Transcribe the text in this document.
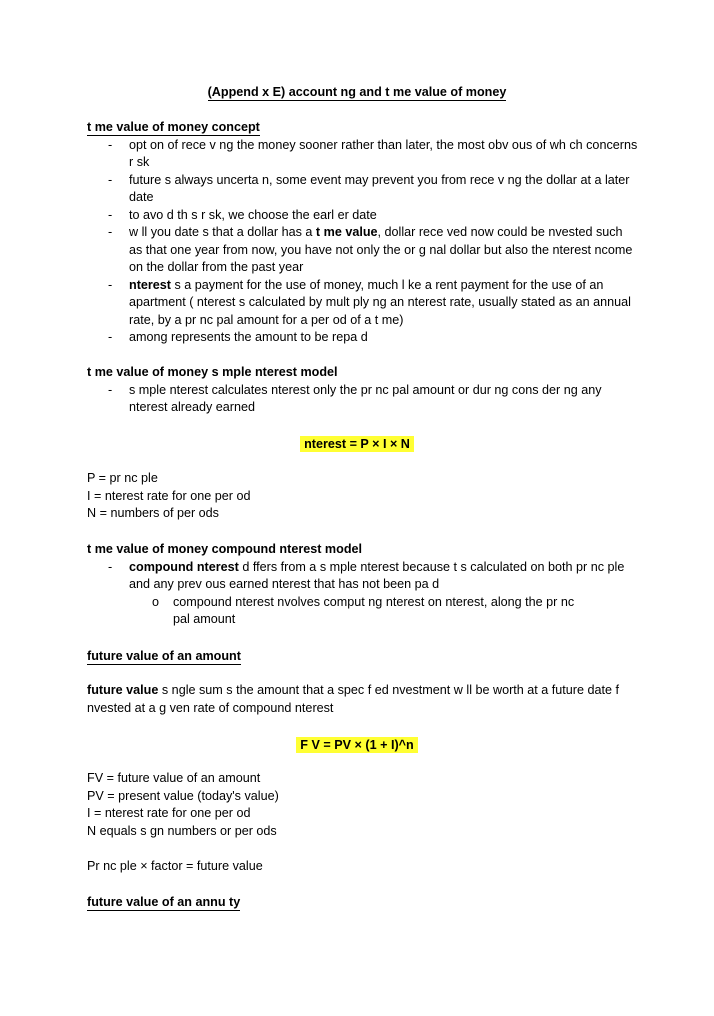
(Append x E) account ng and t me value of money
t me value of money concept
- opt on of rece v ng the money sooner rather than later, the most obv ous of wh ch concerns r sk
- future s always uncerta n, some event may prevent you from rece v ng the dollar at a later date
- to avo d th s r sk, we choose the earl er date
- w ll you date s that a dollar has a t me value, dollar rece ved now could be nvested such as that one year from now, you have not only the or g nal dollar but also the nterest ncome on the dollar from the past year
- nterest s a payment for the use of money, much l ke a rent payment for the use of an apartment ( nterest s calculated by mult ply ng an nterest rate, usually stated as an annual rate, by a pr nc pal amount for a per od of a t me)
- among represents the amount to be repa d
t me value of money s mple nterest model
- s mple nterest calculates nterest only the pr nc pal amount or dur ng cons der ng any nterest already earned
nterest = P × I × N
P = pr nc ple
I = nterest rate for one per od
N = numbers of per ods
t me value of money compound nterest model
- compound nterest d ffers from a s mple nterest because t s calculated on both pr nc ple and any prev ous earned nterest that has not been pa d
o compound nterest nvolves comput ng nterest on nterest, along the pr nc pal amount
future value of an amount
future value s ngle sum s the amount that a spec f ed nvestment w ll be worth at a future date f nvested at a g ven rate of compound nterest
F V = PV × (1 + I)^n
FV = future value of an amount
PV = present value (today's value)
I = nterest rate for one per od
N equals s gn numbers or per ods
Pr nc ple × factor = future value
future value of an annu ty
